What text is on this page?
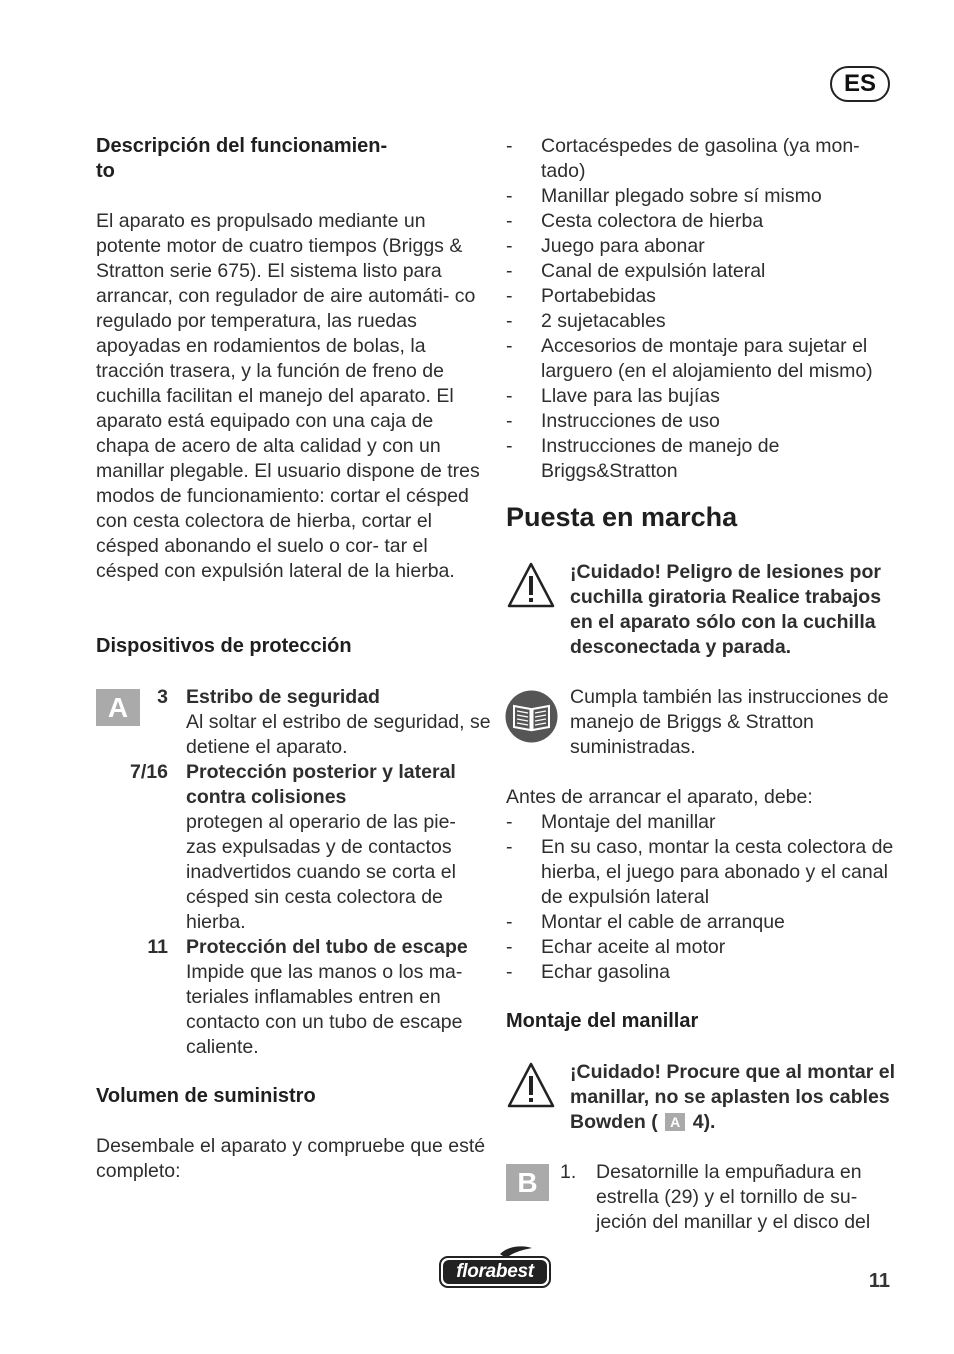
ES
Descripción del funcionamien-
to
El aparato es propulsado mediante un potente motor de cuatro tiempos (Briggs & Stratton serie 675). El sistema listo para arrancar, con regulador de aire automáti- co regulado por temperatura, las ruedas apoyadas en rodamientos de bolas, la tracción trasera, y la función de freno de cuchilla facilitan el manejo del aparato. El aparato está equipado con una caja de chapa de acero de alta calidad y con un manillar plegable. El usuario dispone de tres modos de funcionamiento: cortar el césped con cesta colectora de hierba, cortar el césped abonando el suelo o cor- tar el césped con expulsión lateral de la hierba.
Dispositivos de protección
A	3 Estribo de seguridad
Al soltar el estribo de seguridad, se detiene el aparato.
7/16 Protección posterior y lateral contra colisiones
protegen al operario de las pie- zas expulsadas y de contactos inadvertidos cuando se corta el césped sin cesta colectora de hierba.
11 Protección del tubo de escape
Impide que las manos o los ma- teriales inflamables entren en contacto con un tubo de escape caliente.
Volumen de suministro
Desembale el aparato y compruebe que esté completo:
- Cortacéspedes de gasolina (ya mon- tado)
- Manillar plegado sobre sí mismo
- Cesta colectora de hierba
- Juego para abonar
- Canal de expulsión lateral
- Portabebidas
- 2 sujetacables
- Accesorios de montaje para sujetar el larguero (en el alojamiento del mismo)
- Llave para las bujías
- Instrucciones de uso
- Instrucciones de manejo de Briggs&Stratton
Puesta en marcha
¡Cuidado! Peligro de lesiones por cuchilla giratoria Realice trabajos en el aparato sólo con la cuchilla desconectada y parada.
Cumpla también las instrucciones de manejo de Briggs & Stratton suministradas.
Antes de arrancar el aparato, debe:
- Montaje del manillar
- En su caso, montar la cesta colectora de hierba, el juego para abonado y el canal de expulsión lateral
- Montar el cable de arranque
- Echar aceite al motor
- Echar gasolina
Montaje del manillar
¡Cuidado! Procure que al montar el manillar, no se aplasten los cables Bowden ( A 4).
B 1. Desatornille la empuñadura en estrella (29) y el tornillo de su- jeción del manillar y el disco del
florabest	11
